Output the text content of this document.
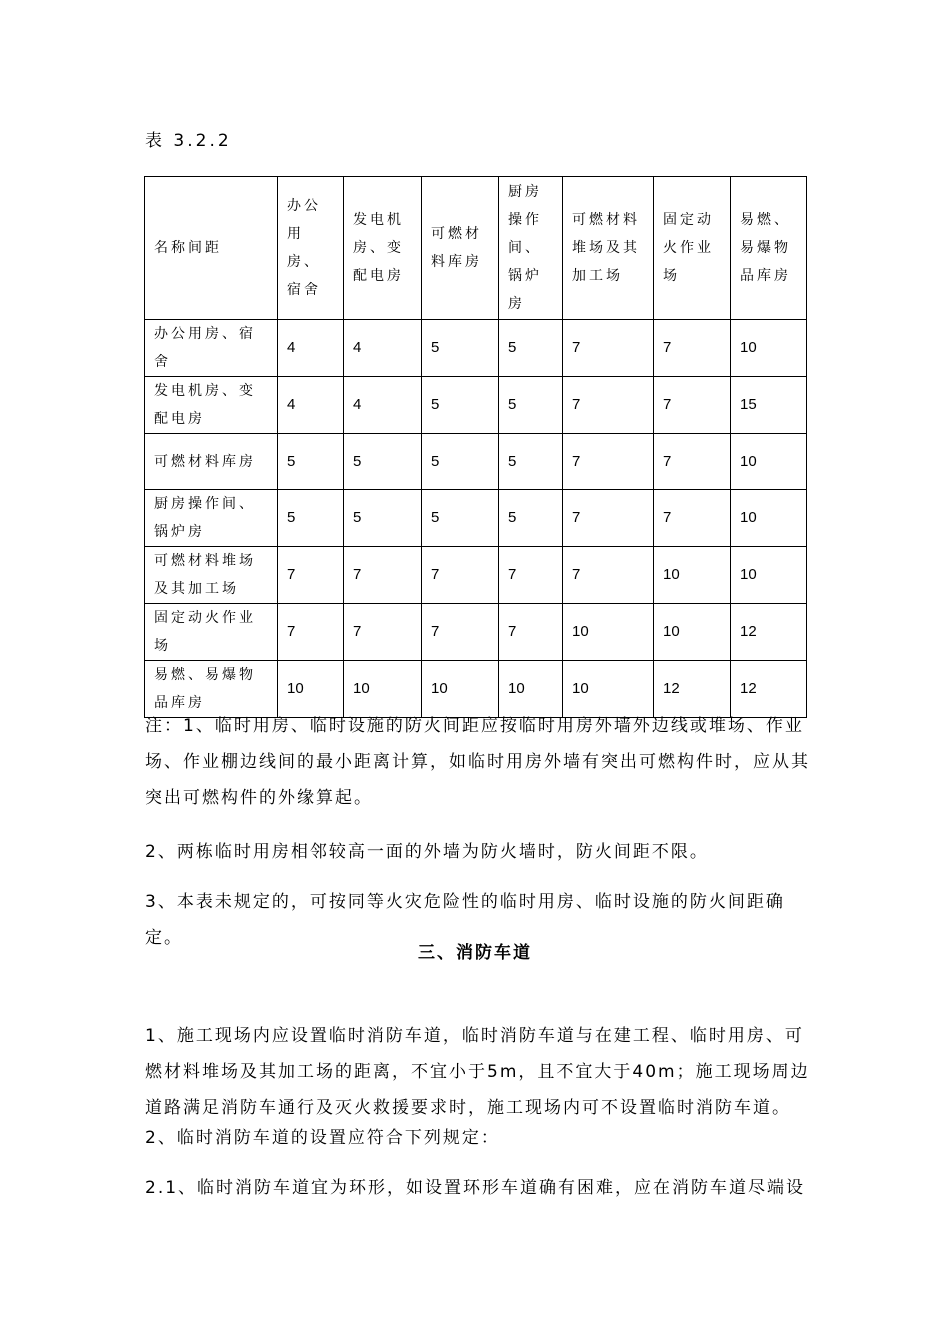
表 3.2.2
名称间距	办公用房、宿舍	发电机房、变配电房	可燃材料库房	厨房操作间、锅炉房	可燃材料堆场及其加工场	固定动火作业场	易燃、易爆物品库房
办公用房、宿舍	4	4	5	5	7	7	10
发电机房、变配电房	4	4	5	5	7	7	15
可燃材料库房	5	5	5	5	7	7	10
厨房操作间、锅炉房	5	5	5	5	7	7	10
可燃材料堆场及其加工场	7	7	7	7	7	10	10
固定动火作业场	7	7	7	7	10	10	12
易燃、易爆物品库房	10	10	10	10	10	12	12

注：1、临时用房、临时设施的防火间距应按临时用房外墙外边线或堆场、作业场、作业棚边线间的最小距离计算，如临时用房外墙有突出可燃构件时，应从其突出可燃构件的外缘算起。

2、两栋临时用房相邻较高一面的外墙为防火墙时，防火间距不限。

3、本表未规定的，可按同等火灾危险性的临时用房、临时设施的防火间距确定。

三、消防车道

1、施工现场内应设置临时消防车道，临时消防车道与在建工程、临时用房、可燃材料堆场及其加工场的距离，不宜小于5m，且不宜大于40m；施工现场周边道路满足消防车通行及灭火救援要求时，施工现场内可不设置临时消防车道。

2、临时消防车道的设置应符合下列规定：

2.1、临时消防车道宜为环形，如设置环形车道确有困难，应在消防车道尽端设
